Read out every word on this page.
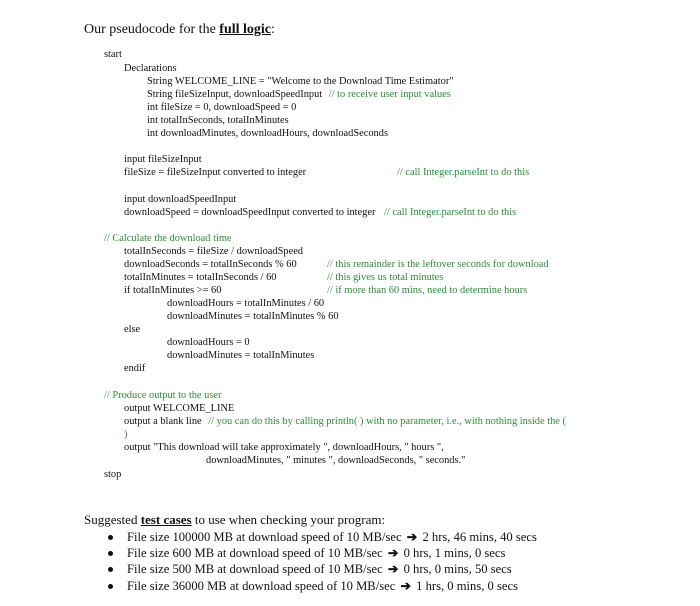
Our pseudocode for the full logic:
start
Declarations
String WELCOME_LINE = "Welcome to the Download Time Estimator"
String fileSizeInput, downloadSpeedInput // to receive user input values
int fileSize = 0, downloadSpeed = 0
int totalInSeconds, totalInMinutes
int downloadMinutes, downloadHours, downloadSeconds
input fileSizeInput
fileSize = fileSizeInput converted to integer	// call Integer.parseInt to do this
input downloadSpeedInput
downloadSpeed = downloadSpeedInput converted to integer // call Integer.parseInt to do this
// Calculate the download time
totalInSeconds = fileSize / downloadSpeed
downloadSeconds = totalInSeconds % 60	// this remainder is the leftover seconds for download
totalInMinutes = totalInSeconds / 60	// this gives us total minutes
if totalInMinutes >= 60	// if more than 60 mins, need to determine hours
downloadHours = totalInMinutes / 60
downloadMinutes = totalInMinutes % 60
else
downloadHours = 0
downloadMinutes = totalInMinutes
endif
// Produce output to the user
output WELCOME_LINE
output a blank line // you can do this by calling println( ) with no parameter, i.e., with nothing inside the (
)
output "This download will take approximately ", downloadHours, " hours ",
downloadMinutes, " minutes ", downloadSeconds, " seconds."
stop
Suggested test cases to use when checking your program:
File size 100000 MB at download speed of 10 MB/sec ➔ 2 hrs, 46 mins, 40 secs
File size 600 MB at download speed of 10 MB/sec ➔ 0 hrs, 1 mins, 0 secs
File size 500 MB at download speed of 10 MB/sec ➔ 0 hrs, 0 mins, 50 secs
File size 36000 MB at download speed of 10 MB/sec ➔ 1 hrs, 0 mins, 0 secs
